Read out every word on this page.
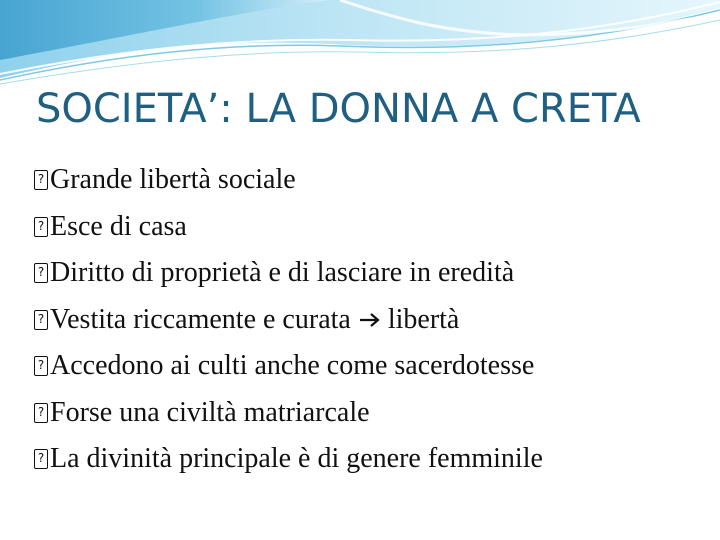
SOCIETA’: LA DONNA A CRETA
? Grande libertà sociale
? Esce di casa
? Diritto di proprietà e di lasciare in eredità
? Vestita riccamente e curata libertà
? Accedono ai culti anche come sacerdotesse
? Forse una civiltà matriarcale
? La divinità principale è di genere femminile
